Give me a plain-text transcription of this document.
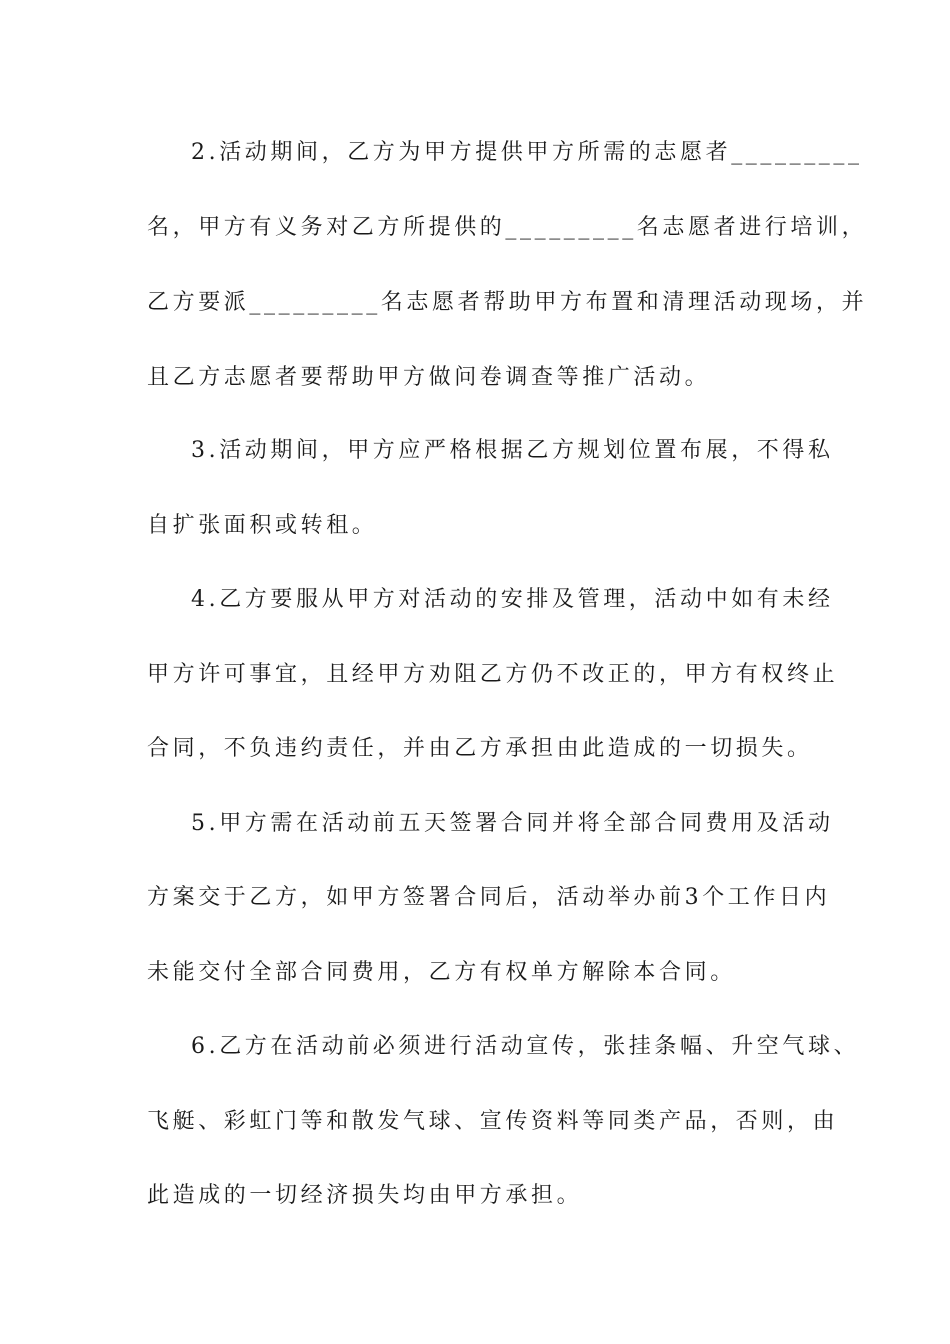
2.活动期间，乙方为甲方提供甲方所需的志愿者_________
名，甲方有义务对乙方所提供的_________名志愿者进行培训，
乙方要派_________名志愿者帮助甲方布置和清理活动现场，并
且乙方志愿者要帮助甲方做问卷调查等推广活动。
3.活动期间，甲方应严格根据乙方规划位置布展，不得私
自扩张面积或转租。
4.乙方要服从甲方对活动的安排及管理，活动中如有未经
甲方许可事宜，且经甲方劝阻乙方仍不改正的，甲方有权终止
合同，不负违约责任，并由乙方承担由此造成的一切损失。
5.甲方需在活动前五天签署合同并将全部合同费用及活动
方案交于乙方，如甲方签署合同后，活动举办前3个工作日内
未能交付全部合同费用，乙方有权单方解除本合同。
6.乙方在活动前必须进行活动宣传，张挂条幅、升空气球、
飞艇、彩虹门等和散发气球、宣传资料等同类产品，否则，由
此造成的一切经济损失均由甲方承担。
